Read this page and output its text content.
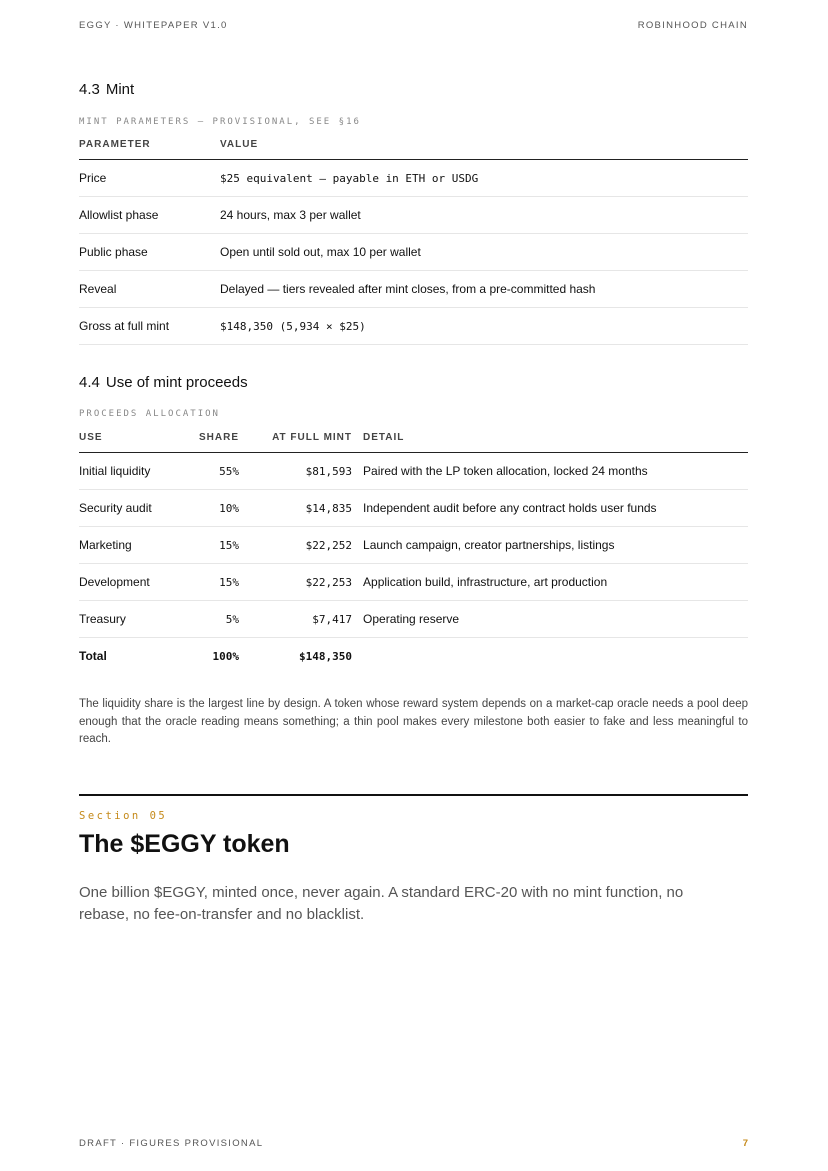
EGGY · WHITEPAPER V1.0	ROBINHOOD CHAIN
4.3 Mint
MINT PARAMETERS — PROVISIONAL, SEE §16
PARAMETER	VALUE
Price	$25 equivalent — payable in ETH or USDG
Allowlist phase	24 hours, max 3 per wallet
Public phase	Open until sold out, max 10 per wallet
Reveal	Delayed — tiers revealed after mint closes, from a pre-committed hash
Gross at full mint	$148,350 (5,934 × $25)
4.4 Use of mint proceeds
PROCEEDS ALLOCATION
USE	SHARE	AT FULL MINT		DETAIL
Initial liquidity	55%	$81,593		Paired with the LP token allocation, locked 24 months
Security audit	10%	$14,835		Independent audit before any contract holds user funds
Marketing	15%	$22,252		Launch campaign, creator partnerships, listings
Development	15%	$22,253		Application build, infrastructure, art production
Treasury	5%	$7,417		Operating reserve
Total	100%	$148,350		

The liquidity share is the largest line by design. A token whose reward system depends on a market-cap oracle needs a pool deep enough that the oracle reading means something; a thin pool makes every milestone both easier to fake and less meaningful to reach.

Section 05
The $EGGY token

One billion $EGGY, minted once, never again. A standard ERC-20 with no mint function, no rebase, no fee-on-transfer and no blacklist.

DRAFT · FIGURES PROVISIONAL	7
